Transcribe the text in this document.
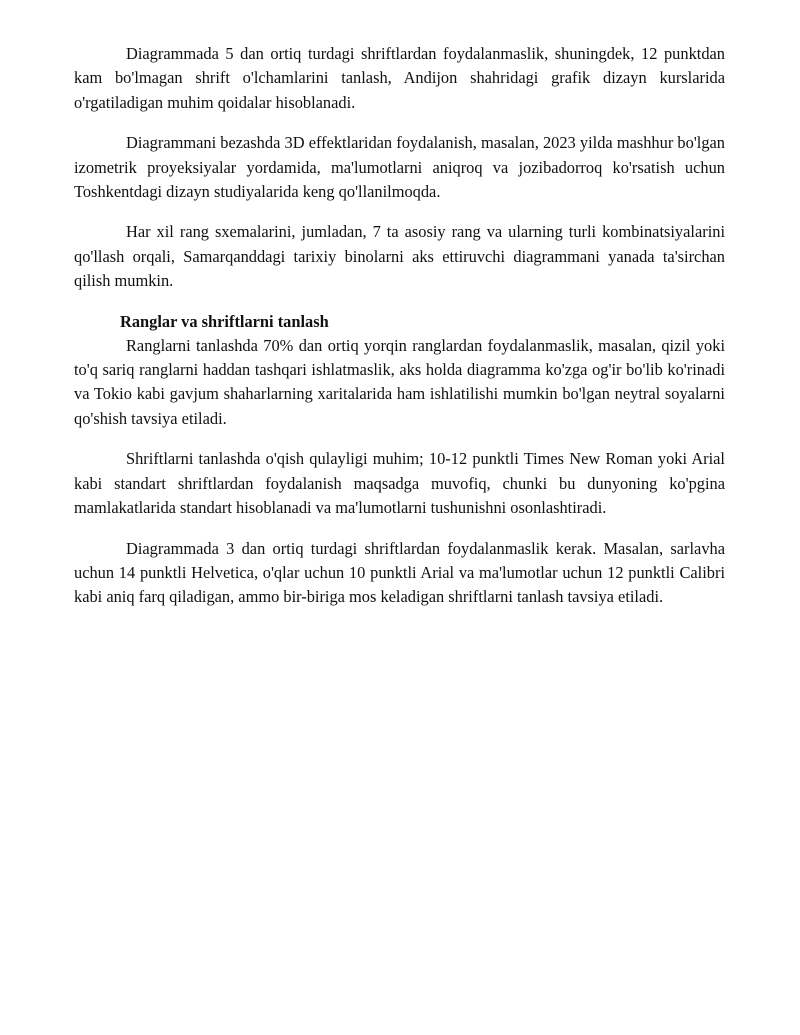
Diagrammada 5 dan ortiq turdagi shriftlardan foydalanmaslik, shuningdek, 12 punktdan kam bo'lmagan shrift o'lchamlarini tanlash, Andijon shahridagi grafik dizayn kurslarida o'rgatiladigan muhim qoidalar hisoblanadi.

Diagrammani bezashda 3D effektlaridan foydalanish, masalan, 2023 yilda mashhur bo'lgan izometrik proyeksiyalar yordamida, ma'lumotlarni aniqroq va jozibadorroq ko'rsatish uchun Toshkentdagi dizayn studiyalarida keng qo'llanilmoqda.

Har xil rang sxemalarini, jumladan, 7 ta asosiy rang va ularning turli kombinatsiyalarini qo'llash orqali, Samarqanddagi tarixiy binolarni aks ettiruvchi diagrammani yanada ta'sirchan qilish mumkin.

Ranglar va shriftlarni tanlash

Ranglarni tanlashda 70% dan ortiq yorqin ranglardan foydalanmaslik, masalan, qizil yoki to'q sariq ranglarni haddan tashqari ishlatmaslik, aks holda diagramma ko'zga og'ir bo'lib ko'rinadi va Tokio kabi gavjum shaharlarning xaritalarida ham ishlatilishi mumkin bo'lgan neytral soyalarni qo'shish tavsiya etiladi.

Shriftlarni tanlashda o'qish qulayligi muhim; 10-12 punktli Times New Roman yoki Arial kabi standart shriftlardan foydalanish maqsadga muvofiq, chunki bu dunyoning ko'pgina mamlakatlarida standart hisoblanadi va ma'lumotlarni tushunishni osonlashtiradi.

Diagrammada 3 dan ortiq turdagi shriftlardan foydalanmaslik kerak. Masalan, sarlavha uchun 14 punktli Helvetica, o'qlar uchun 10 punktli Arial va ma'lumotlar uchun 12 punktli Calibri kabi aniq farq qiladigan, ammo bir-biriga mos keladigan shriftlarni tanlash tavsiya etiladi.
